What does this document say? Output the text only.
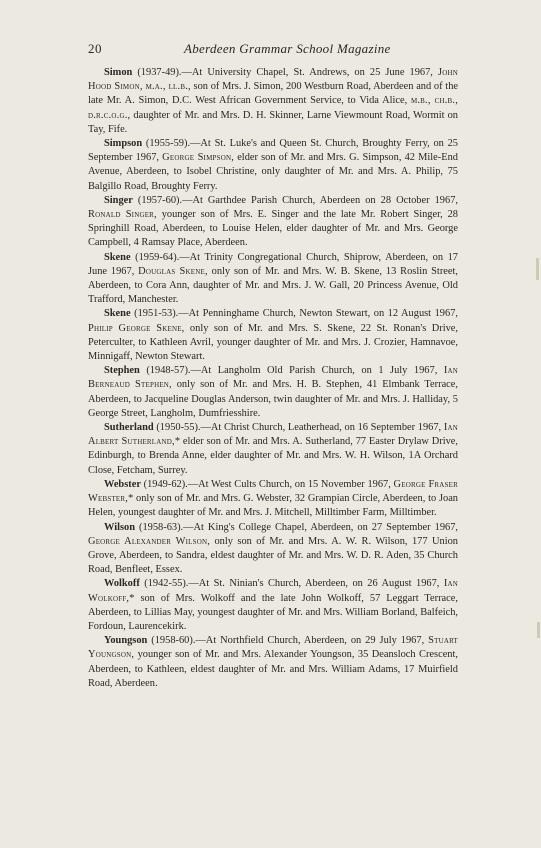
20	Aberdeen Grammar School Magazine

Simon (1937-49).—At University Chapel, St. Andrews, on 25 June 1967, John Hood Simon, m.a., ll.b., son of Mrs. J. Simon, 200 Westburn Road, Aberdeen and of the late Mr. A. Simon, D.C. West African Government Service, to Vida Alice, m.b., ch.b., d.r.c.o.g., daughter of Mr. and Mrs. D. H. Skinner, Larne Viewmount Road, Wormit on Tay, Fife.

Simpson (1955-59).—At St. Luke's and Queen St. Church, Broughty Ferry, on 25 September 1967, George Simpson, elder son of Mr. and Mrs. G. Simpson, 42 Mile-End Avenue, Aberdeen, to Isobel Christine, only daughter of Mr. and Mrs. A. Philip, 75 Balgillo Road, Broughty Ferry.

Singer (1957-60).—At Garthdee Parish Church, Aberdeen on 28 October 1967, Ronald Singer, younger son of Mrs. E. Singer and the late Mr. Robert Singer, 28 Springhill Road, Aberdeen, to Louise Helen, elder daughter of Mr. and Mrs. George Campbell, 4 Ramsay Place, Aberdeen.

Skene (1959-64).—At Trinity Congregational Church, Shiprow, Aberdeen, on 17 June 1967, Douglas Skene, only son of Mr. and Mrs. W. B. Skene, 13 Roslin Street, Aberdeen, to Cora Ann, daughter of Mr. and Mrs. J. W. Gall, 20 Princess Avenue, Old Trafford, Manchester.

Skene (1951-53).—At Penninghame Church, Newton Stewart, on 12 August 1967, Philip George Skene, only son of Mr. and Mrs. S. Skene, 22 St. Ronan's Drive, Peterculter, to Kathleen Avril, younger daughter of Mr. and Mrs. J. Crozier, Hamnavoe, Minnigaff, Newton Stewart.

Stephen (1948-57).—At Langholm Old Parish Church, on 1 July 1967, Ian Berneaud Stephen, only son of Mr. and Mrs. H. B. Stephen, 41 Elmbank Terrace, Aberdeen, to Jacqueline Douglas Anderson, twin daughter of Mr. and Mrs. J. Halliday, 5 George Street, Langholm, Dumfriesshire.

Sutherland (1950-55).—At Christ Church, Leatherhead, on 16 September 1967, Ian Albert Sutherland,* elder son of Mr. and Mrs. A. Sutherland, 77 Easter Drylaw Drive, Edinburgh, to Brenda Anne, elder daughter of Mr. and Mrs. W. H. Wilson, 1A Orchard Close, Fetcham, Surrey.

Webster (1949-62).—At West Cults Church, on 15 November 1967, George Fraser Webster,* only son of Mr. and Mrs. G. Webster, 32 Grampian Circle, Aberdeen, to Joan Helen, youngest daughter of Mr. and Mrs. J. Mitchell, Milltimber Farm, Milltimber.

Wilson (1958-63).—At King's College Chapel, Aberdeen, on 27 September 1967, George Alexander Wilson, only son of Mr. and Mrs. A. W. R. Wilson, 177 Union Grove, Aberdeen, to Sandra, eldest daughter of Mr. and Mrs. W. D. R. Aden, 35 Church Road, Benfleet, Essex.

Wolkoff (1942-55).—At St. Ninian's Church, Aberdeen, on 26 August 1967, Ian Wolkoff,* son of Mrs. Wolkoff and the late John Wolkoff, 57 Leggart Terrace, Aberdeen, to Lillias May, youngest daughter of Mr. and Mrs. William Borland, Balfeich, Fordoun, Laurencekirk.

Youngson (1958-60).—At Northfield Church, Aberdeen, on 29 July 1967, Stuart Youngson, younger son of Mr. and Mrs. Alexander Youngson, 35 Deansloch Crescent, Aberdeen, to Kathleen, eldest daughter of Mr. and Mrs. William Adams, 17 Muirfield Road, Aberdeen.
